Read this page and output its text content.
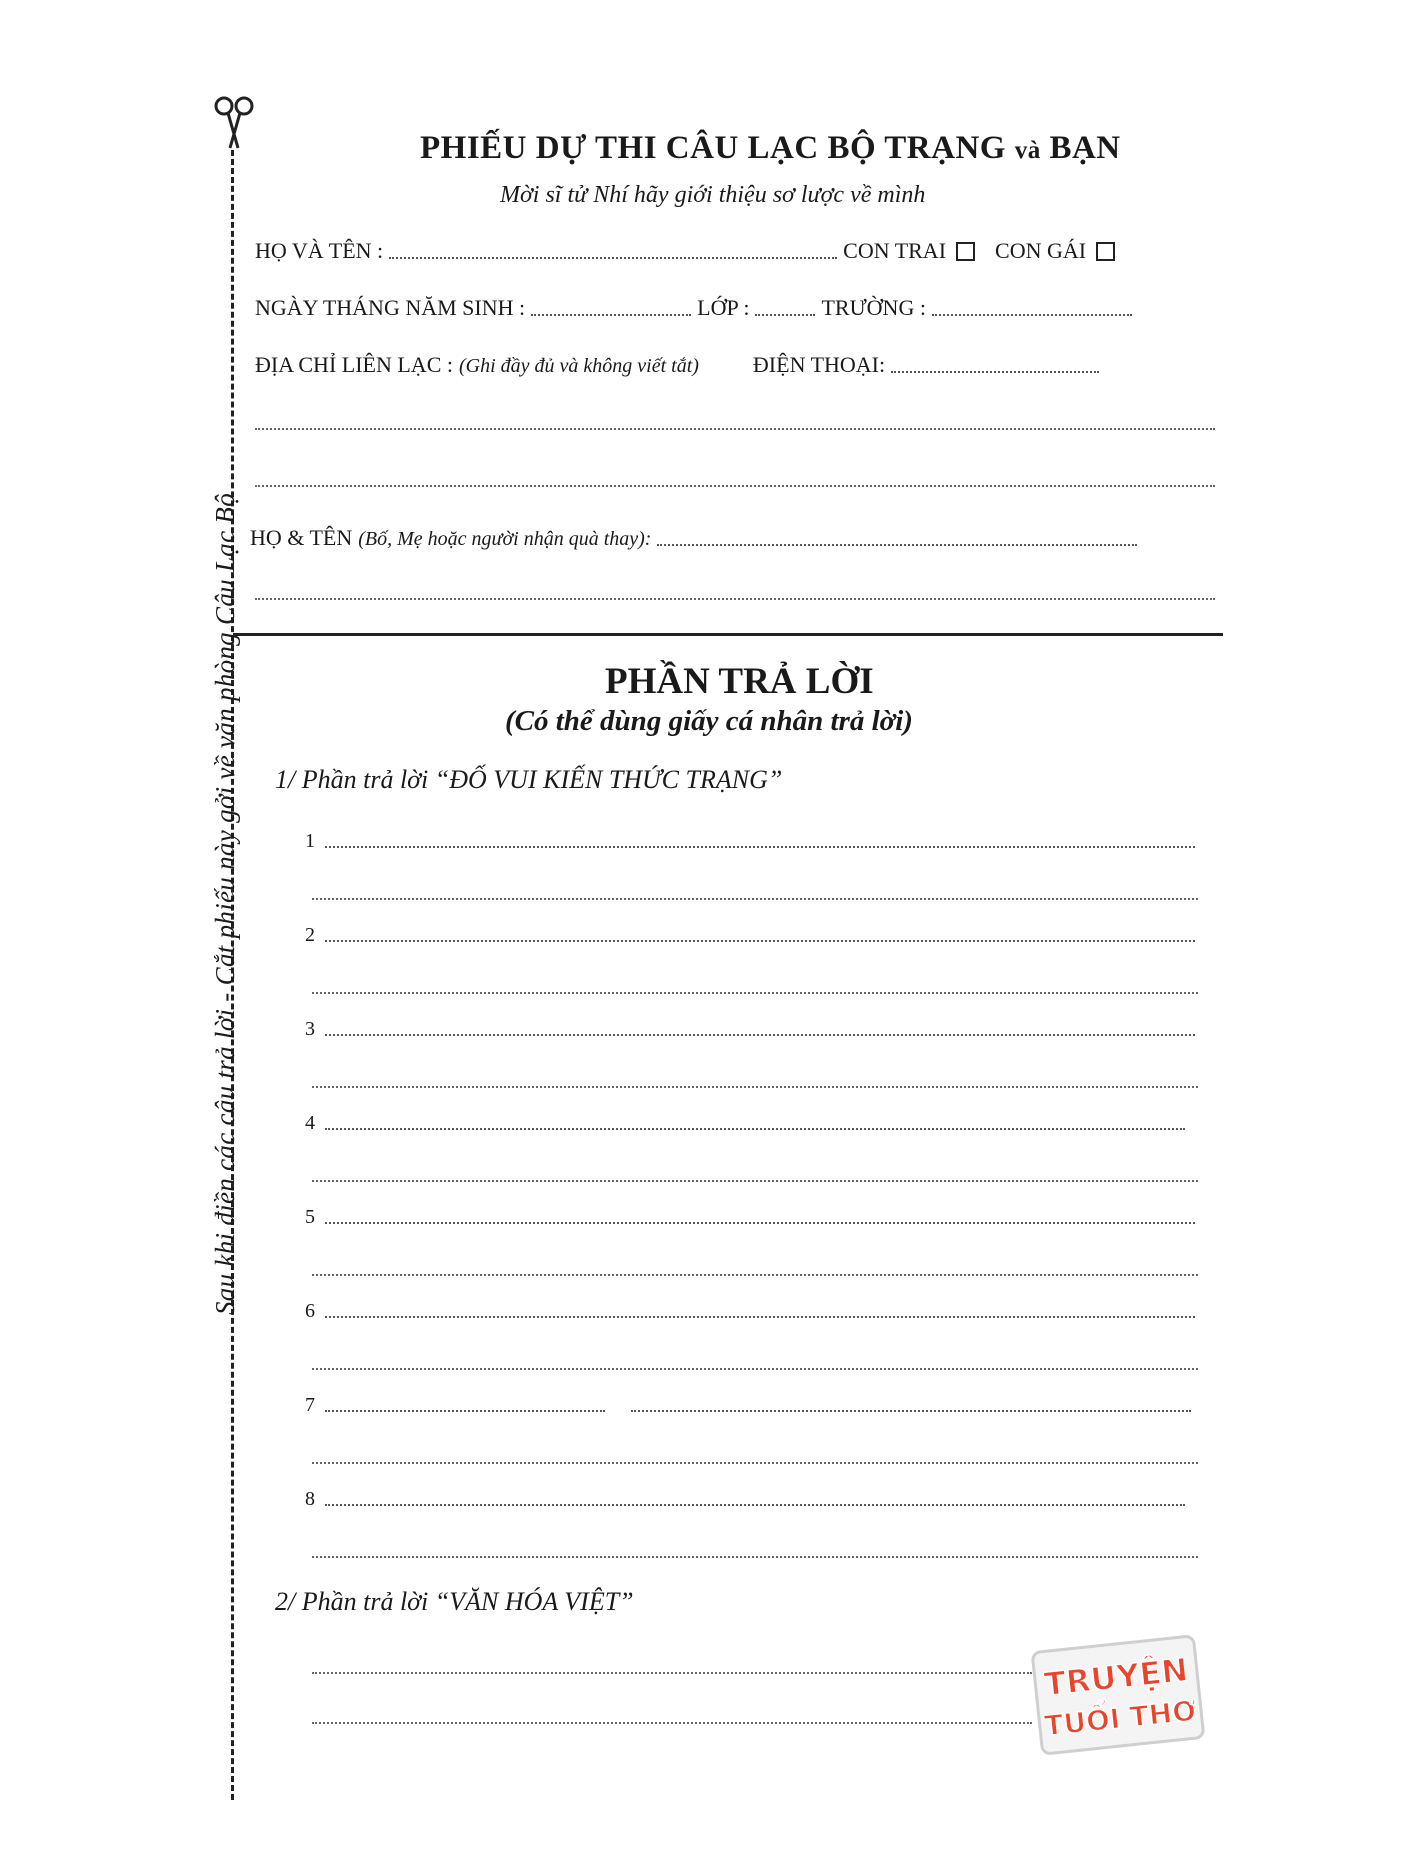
Sau khi điền các câu trả lời - Cắt phiếu này gởi về văn phòng Câu Lạc Bộ
PHIẾU DỰ THI CÂU LẠC BỘ TRẠNG và BẠN
Mời sĩ tử Nhí hãy giới thiệu sơ lược về mình
HỌ VÀ TÊN :	CON TRAI CON GÁI
NGÀY THÁNG NĂM SINH :	LỚP :	TRƯỜNG :
ĐỊA CHỈ LIÊN LẠC : (Ghi đầy đủ và không viết tắt) ĐIỆN THOẠI:
HỌ & TÊN (Bố, Mẹ hoặc người nhận quà thay):
PHẦN TRẢ LỜI
(Có thể dùng giấy cá nhân trả lời)
1/ Phần trả lời “ĐỐ VUI KIẾN THỨC TRẠNG”
1
2
3
4
5
6
7
8
2/ Phần trả lời “VĂN HÓA VIỆT”
TRUYỆN
TUỔI THƠ
